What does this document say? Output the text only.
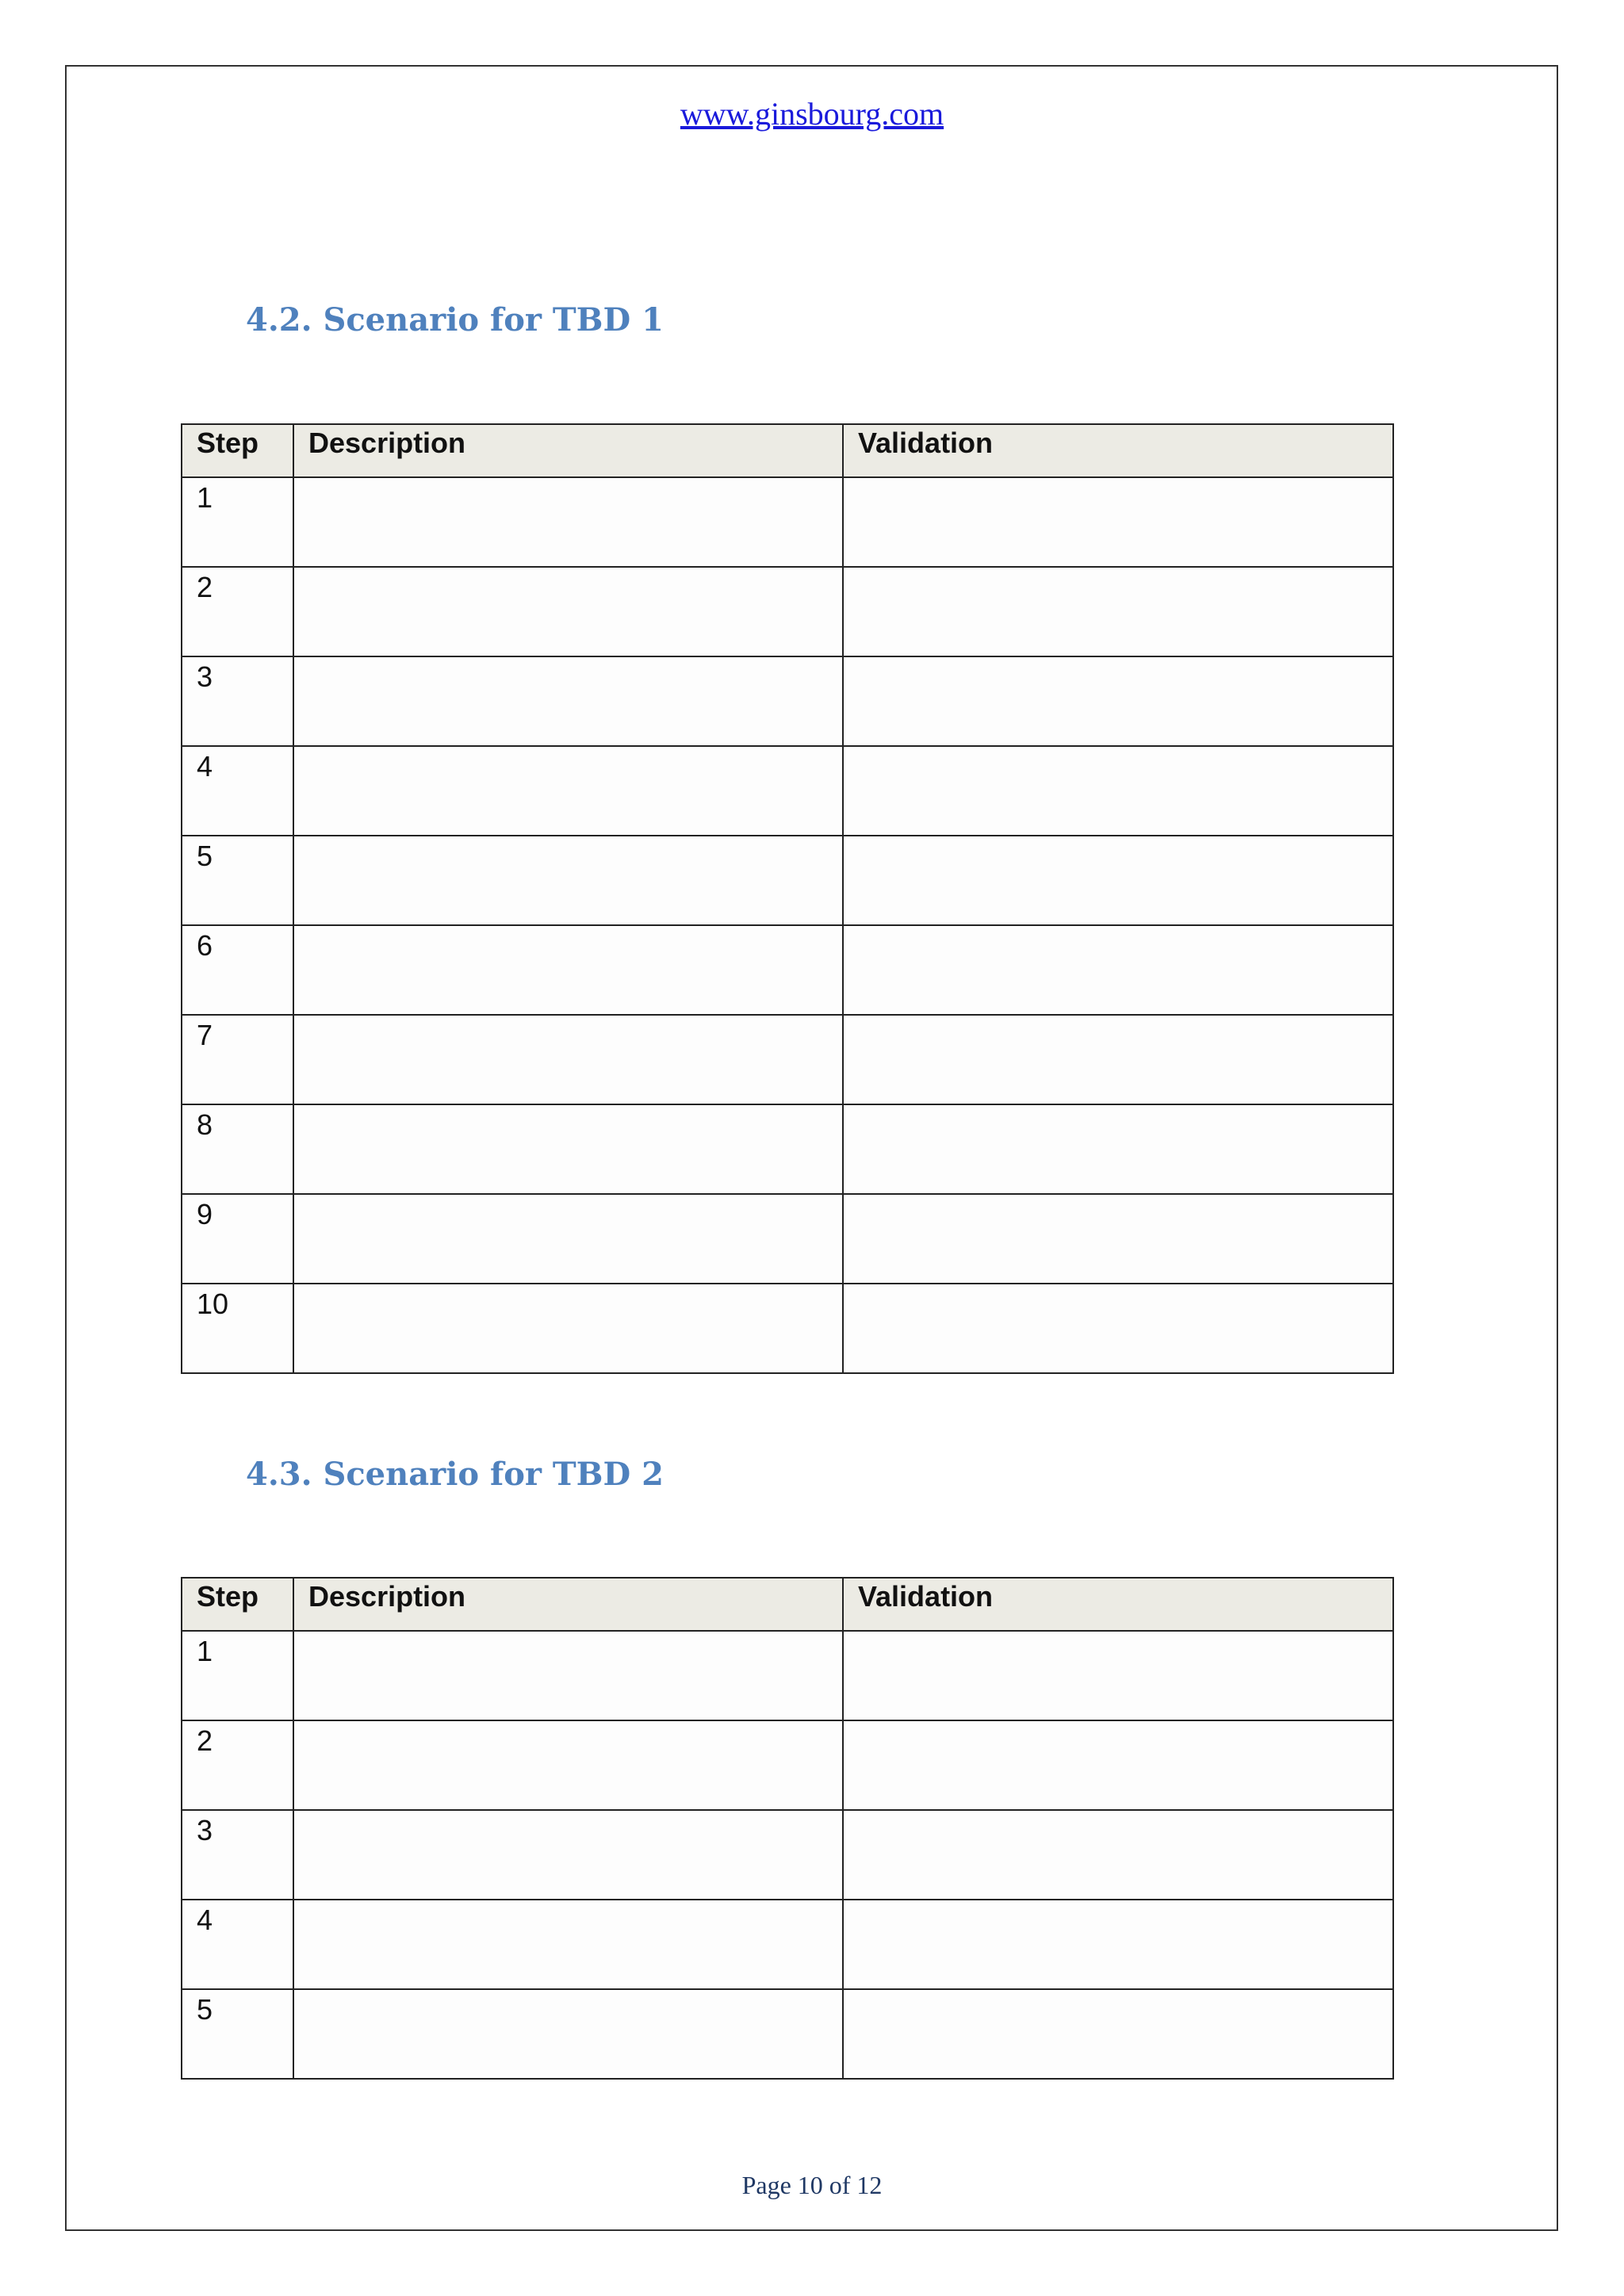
www.ginsbourg.com
4.2. Scenario for TBD 1
Step	Description	Validation
1		
2		
3		
4		
5		
6		
7		
8		
9		
10		
4.3. Scenario for TBD 2
Step	Description	Validation
1		
2		
3		
4		
5		
Page 10 of 12
